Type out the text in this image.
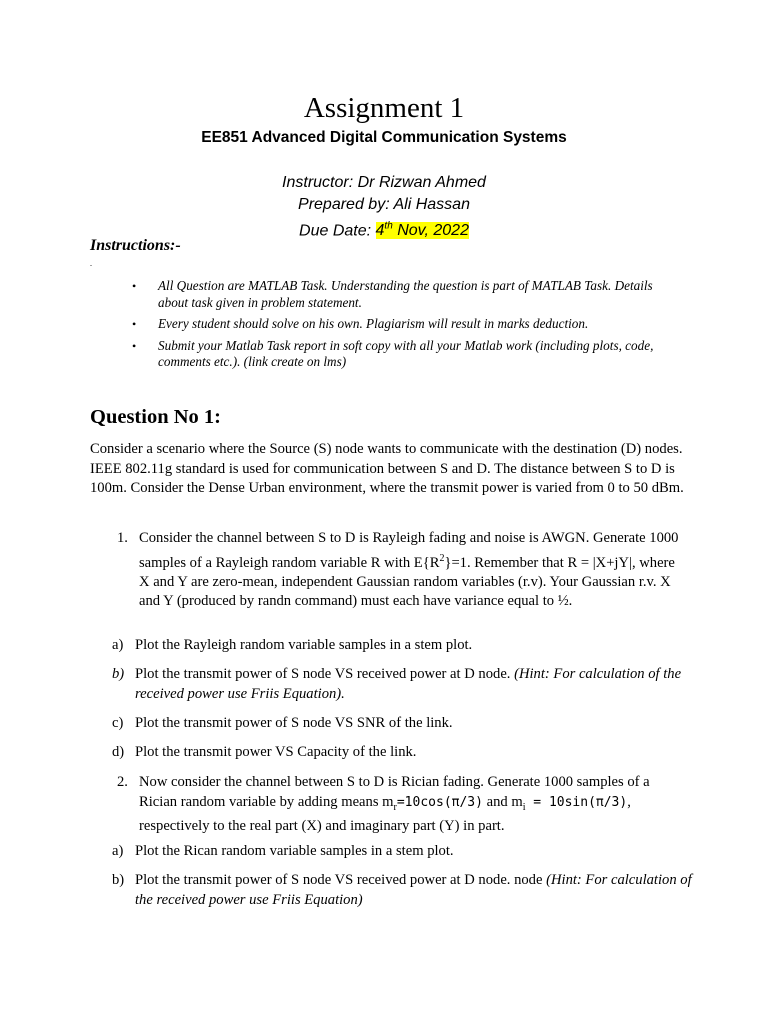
Assignment 1
EE851 Advanced Digital Communication Systems
Instructor: Dr Rizwan Ahmed
Prepared by: Ali Hassan
Due Date: 4th Nov, 2022
Instructions:-
.
• All Question are MATLAB Task. Understanding the question is part of MATLAB Task. Details about task given in problem statement.
• Every student should solve on his own. Plagiarism will result in marks deduction.
• Submit your Matlab Task report in soft copy with all your Matlab work (including plots, code, comments etc.). (link create on lms)
Question No 1:

Consider a scenario where the Source (S) node wants to communicate with the destination (D) nodes. IEEE 802.11g standard is used for communication between S and D. The distance between S to D is 100m. Consider the Dense Urban environment, where the transmit power is varied from 0 to 50 dBm.

1. Consider the channel between S to D is Rayleigh fading and noise is AWGN. Generate 1000 samples of a Rayleigh random variable R with $E\{R^2\}=1$. Remember that R = |X+jY|, where X and Y are zero-mean, independent Gaussian random variables (r.v). Your Gaussian r.v. X and Y (produced by randn command) must each have variance equal to ½.

a) Plot the Rayleigh random variable samples in a stem plot.
b) Plot the transmit power of S node VS received power at D node. (Hint: For calculation of the received power use Friis Equation).
c) Plot the transmit power of S node VS SNR of the link.
d) Plot the transmit power VS Capacity of the link.
2. Now consider the channel between S to D is Rician fading. Generate 1000 samples of a Rician random variable by adding means $m_r=10\cos(\pi/3)$ and $m_i = 10\sin(\pi/3)$, respectively to the real part (X) and imaginary part (Y) in part.

a) Plot the Rican random variable samples in a stem plot.
b) Plot the transmit power of S node VS received power at D node. node (Hint: For calculation of the received power use Friis Equation)
